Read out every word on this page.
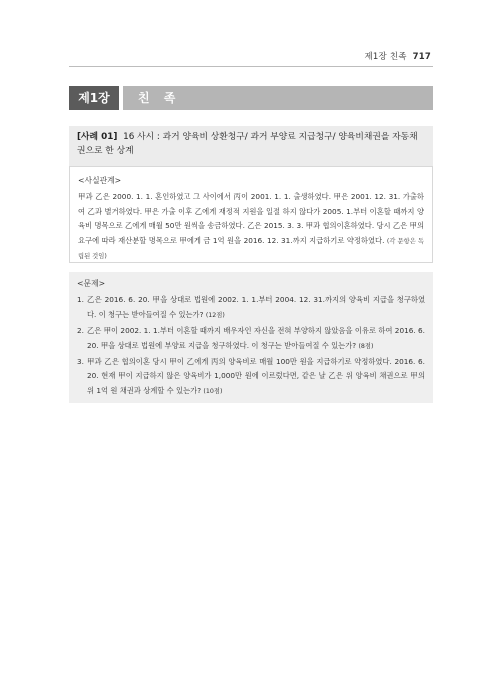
제1장 친족 717
제1장	친 족
[사례 01] 16 사시 : 과거 양육비 상환청구/ 과거 부양료 지급청구/ 양육비채권을 자동채권으로 한 상계
<사실관계>
甲과 乙은 2000. 1. 1. 혼인하였고 그 사이에서 丙이 2001. 1. 1. 출생하였다. 甲은 2001. 12. 31. 가출하여 乙과 별거하였다. 甲은 가출 이후 乙에게 재정적 지원을 일절 하지 않다가 2005. 1.부터 이혼할 때까지 양육비 명목으로 乙에게 매월 50만 원씩을 송금하였다. 乙은 2015. 3. 3. 甲과 협의이혼하였다. 당시 乙은 甲의 요구에 따라 재산분할 명목으로 甲에게 금 1억 원을 2016. 12. 31.까지 지급하기로 약정하였다. (각 문항은 독립된 것임)
<문제>
1. 乙은 2016. 6. 20. 甲을 상대로 법원에 2002. 1. 1.부터 2004. 12. 31.까지의 양육비 지급을 청구하였다. 이 청구는 받아들여질 수 있는가? (12점)
2. 乙은 甲이 2002. 1. 1.부터 이혼할 때까지 배우자인 자신을 전혀 부양하지 않았음을 이유로 하여 2016. 6. 20. 甲을 상대로 법원에 부양료 지급을 청구하였다. 이 청구는 받아들여질 수 있는가? (8점)
3. 甲과 乙은 협의이혼 당시 甲이 乙에게 丙의 양육비로 매월 100만 원을 지급하기로 약정하였다. 2016. 6. 20. 현재 甲이 지급하지 않은 양육비가 1,000만 원에 이르렀다면, 같은 날 乙은 위 양육비 채권으로 甲의 위 1억 원 채권과 상계할 수 있는가? (10점)
